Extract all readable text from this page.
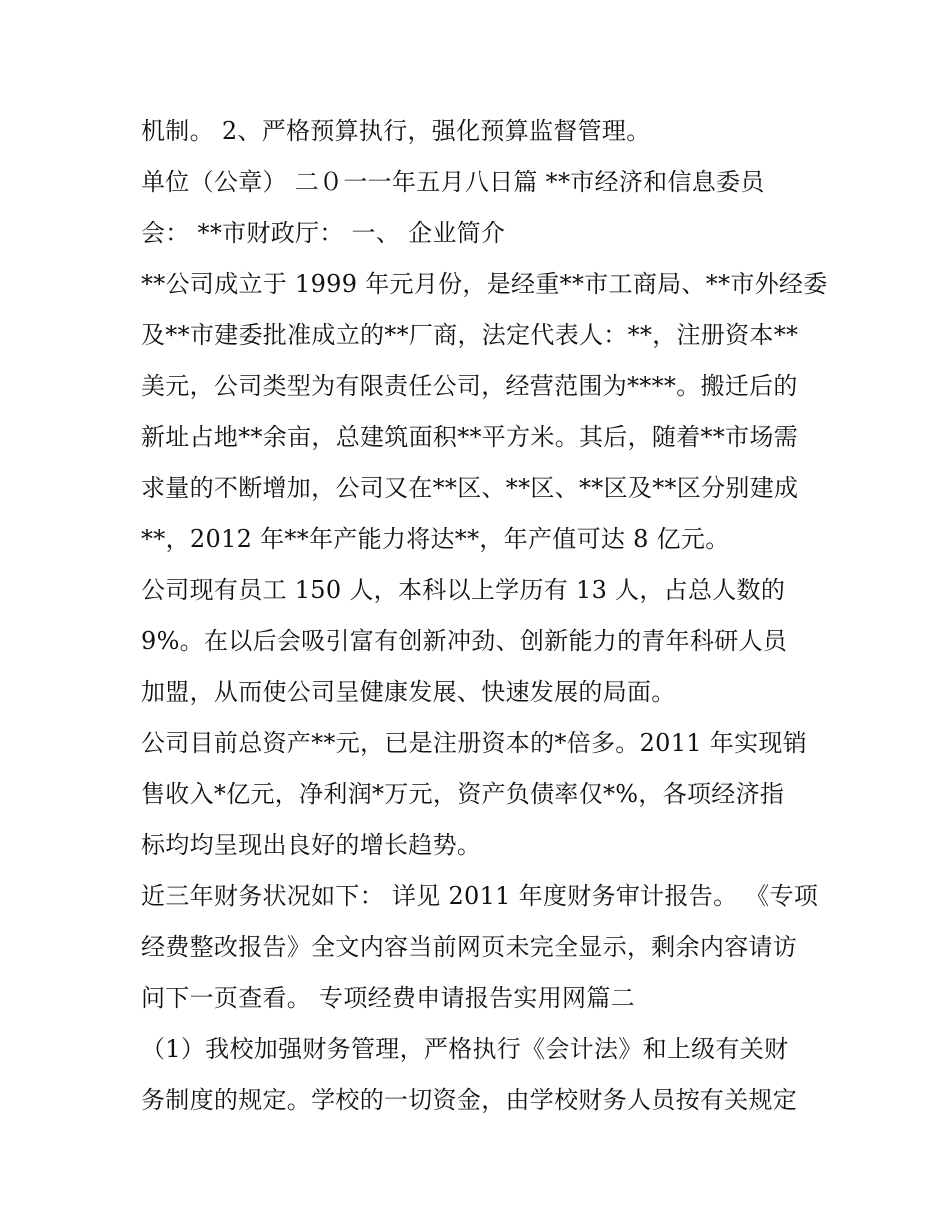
机制。 2、严格预算执行，强化预算监督管理。
单位（公章） 二０一一年五月八日篇 **市经济和信息委员
会： **市财政厅： 一、 企业简介
**公司成立于 1999 年元月份，是经重**市工商局、**市外经委
及**市建委批准成立的**厂商，法定代表人：**，注册资本**
美元，公司类型为有限责任公司，经营范围为****。搬迁后的
新址占地**余亩，总建筑面积**平方米。其后，随着**市场需
求量的不断增加，公司又在**区、**区、**区及**区分别建成
**，2012 年**年产能力将达**，年产值可达 8 亿元。
公司现有员工 150 人，本科以上学历有 13 人，占总人数的
9%。在以后会吸引富有创新冲劲、创新能力的青年科研人员
加盟，从而使公司呈健康发展、快速发展的局面。
公司目前总资产**元，已是注册资本的*倍多。2011 年实现销
售收入*亿元，净利润*万元，资产负债率仅*%，各项经济指
标均均呈现出良好的增长趋势。
近三年财务状况如下： 详见 2011 年度财务审计报告。 《专项
经费整改报告》全文内容当前网页未完全显示，剩余内容请访
问下一页查看。 专项经费申请报告实用网篇二
（1）我校加强财务管理，严格执行《会计法》和上级有关财
务制度的规定。学校的一切资金，由学校财务人员按有关规定
